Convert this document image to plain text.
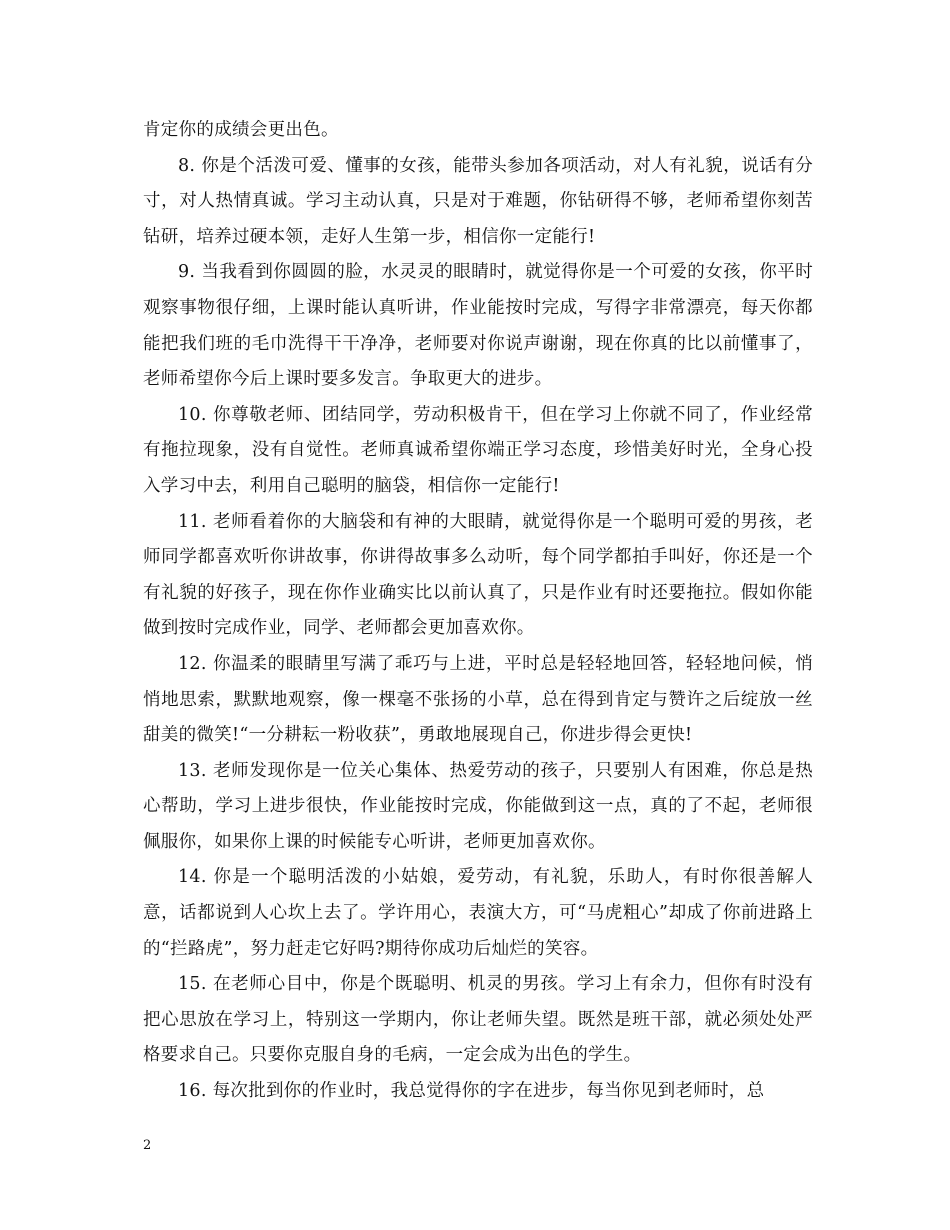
肯定你的成绩会更出色。

8. 你是个活泼可爱、懂事的女孩，能带头参加各项活动，对人有礼貌，说话有分寸，对人热情真诚。学习主动认真，只是对于难题，你钻研得不够，老师希望你刻苦钻研，培养过硬本领，走好人生第一步，相信你一定能行!

9. 当我看到你圆圆的脸，水灵灵的眼睛时，就觉得你是一个可爱的女孩，你平时观察事物很仔细，上课时能认真听讲，作业能按时完成，写得字非常漂亮，每天你都能把我们班的毛巾洗得干干净净，老师要对你说声谢谢，现在你真的比以前懂事了，老师希望你今后上课时要多发言。争取更大的进步。

10. 你尊敬老师、团结同学，劳动积极肯干，但在学习上你就不同了，作业经常有拖拉现象，没有自觉性。老师真诚希望你端正学习态度，珍惜美好时光，全身心投入学习中去，利用自己聪明的脑袋，相信你一定能行!

11. 老师看着你的大脑袋和有神的大眼睛，就觉得你是一个聪明可爱的男孩，老师同学都喜欢听你讲故事，你讲得故事多么动听，每个同学都拍手叫好，你还是一个有礼貌的好孩子，现在你作业确实比以前认真了，只是作业有时还要拖拉。假如你能做到按时完成作业，同学、老师都会更加喜欢你。

12. 你温柔的眼睛里写满了乖巧与上进，平时总是轻轻地回答，轻轻地问候，悄悄地思索，默默地观察，像一棵毫不张扬的小草，总在得到肯定与赞许之后绽放一丝甜美的微笑!“一分耕耘一粉收获”，勇敢地展现自己，你进步得会更快!

13. 老师发现你是一位关心集体、热爱劳动的孩子，只要别人有困难，你总是热心帮助，学习上进步很快，作业能按时完成，你能做到这一点，真的了不起，老师很佩服你，如果你上课的时候能专心听讲，老师更加喜欢你。

14. 你是一个聪明活泼的小姑娘，爱劳动，有礼貌，乐助人，有时你很善解人意，话都说到人心坎上去了。学许用心，表演大方，可“马虎粗心”却成了你前进路上的“拦路虎”，努力赶走它好吗?期待你成功后灿烂的笑容。

15. 在老师心目中，你是个既聪明、机灵的男孩。学习上有余力，但你有时没有把心思放在学习上，特别这一学期内，你让老师失望。既然是班干部，就必须处处严格要求自己。只要你克服自身的毛病，一定会成为出色的学生。

16. 每次批到你的作业时，我总觉得你的字在进步，每当你见到老师时，总

2
